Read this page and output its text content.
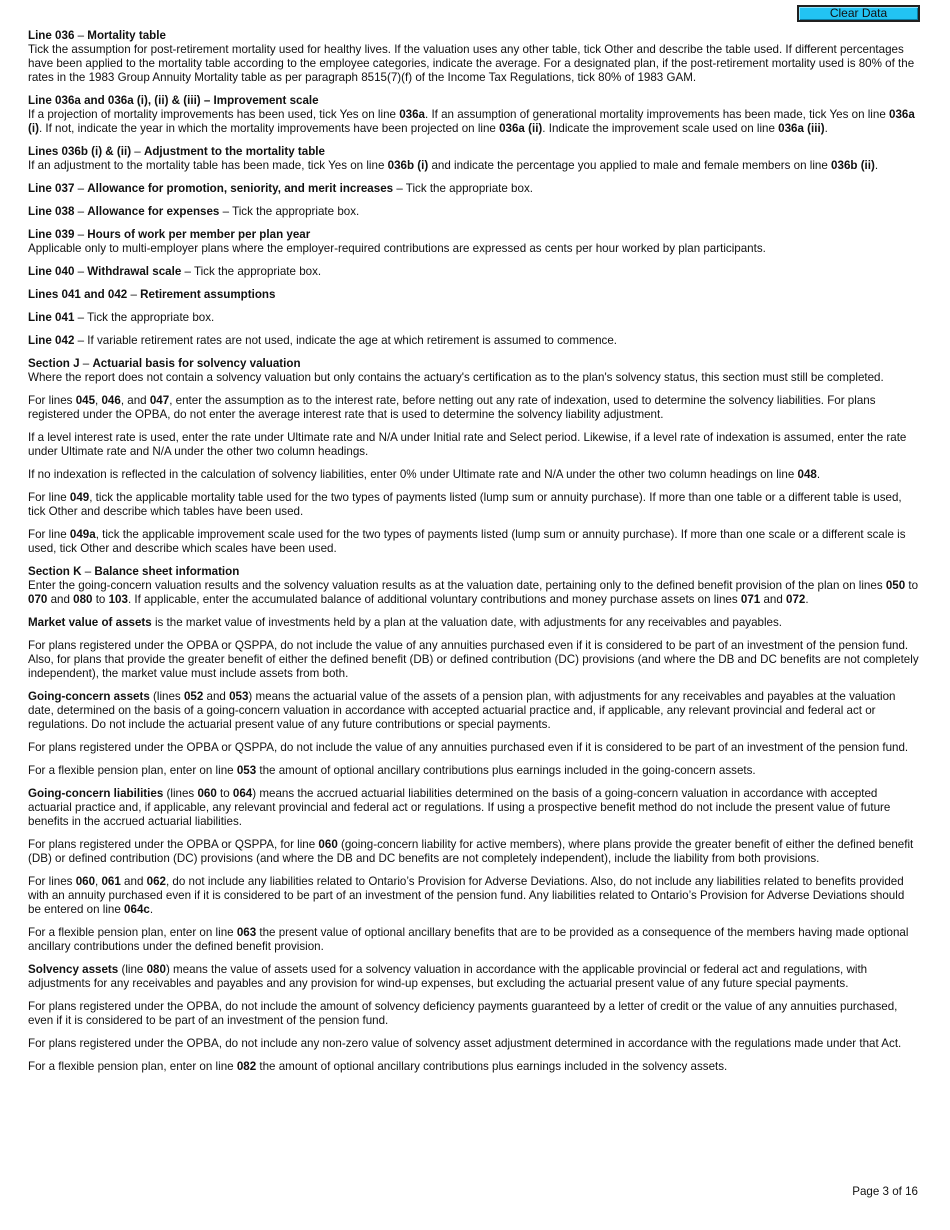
Clear Data

Line 036 – Mortality table

Tick the assumption for post-retirement mortality used for healthy lives. If the valuation uses any other table, tick Other and describe the table used. If different percentages have been applied to the mortality table according to the employee categories, indicate the average. For a designated plan, if the post-retirement mortality used is 80% of the rates in the 1983 Group Annuity Mortality table as per paragraph 8515(7)(f) of the Income Tax Regulations, tick 80% of 1983 GAM.

Line 036a and 036a (i), (ii) & (iii) – Improvement scale

If a projection of mortality improvements has been used, tick Yes on line 036a. If an assumption of generational mortality improvements has been made, tick Yes on line 036a (i). If not, indicate the year in which the mortality improvements have been projected on line 036a (ii). Indicate the improvement scale used on line 036a (iii).

Lines 036b (i) & (ii) – Adjustment to the mortality table

If an adjustment to the mortality table has been made, tick Yes on line 036b (i) and indicate the percentage you applied to male and female members on line 036b (ii).

Line 037 – Allowance for promotion, seniority, and merit increases – Tick the appropriate box.

Line 038 – Allowance for expenses – Tick the appropriate box.

Line 039 – Hours of work per member per plan year

Applicable only to multi-employer plans where the employer-required contributions are expressed as cents per hour worked by plan participants.

Line 040 – Withdrawal scale – Tick the appropriate box.

Lines 041 and 042 – Retirement assumptions

Line 041 – Tick the appropriate box.

Line 042 – If variable retirement rates are not used, indicate the age at which retirement is assumed to commence.

Section J – Actuarial basis for solvency valuation

Where the report does not contain a solvency valuation but only contains the actuary's certification as to the plan's solvency status, this section must still be completed.

For lines 045, 046, and 047, enter the assumption as to the interest rate, before netting out any rate of indexation, used to determine the solvency liabilities. For plans registered under the OPBA, do not enter the average interest rate that is used to determine the solvency liability adjustment.

If a level interest rate is used, enter the rate under Ultimate rate and N/A under Initial rate and Select period. Likewise, if a level rate of indexation is assumed, enter the rate under Ultimate rate and N/A under the other two column headings.

If no indexation is reflected in the calculation of solvency liabilities, enter 0% under Ultimate rate and N/A under the other two column headings on line 048.

For line 049, tick the applicable mortality table used for the two types of payments listed (lump sum or annuity purchase). If more than one table or a different table is used, tick Other and describe which tables have been used.

For line 049a, tick the applicable improvement scale used for the two types of payments listed (lump sum or annuity purchase). If more than one scale or a different scale is used, tick Other and describe which scales have been used.

Section K – Balance sheet information

Enter the going-concern valuation results and the solvency valuation results as at the valuation date, pertaining only to the defined benefit provision of the plan on lines 050 to 070 and 080 to 103. If applicable, enter the accumulated balance of additional voluntary contributions and money purchase assets on lines 071 and 072.

Market value of assets is the market value of investments held by a plan at the valuation date, with adjustments for any receivables and payables.

For plans registered under the OPBA or QSPPA, do not include the value of any annuities purchased even if it is considered to be part of an investment of the pension fund. Also, for plans that provide the greater benefit of either the defined benefit (DB) or defined contribution (DC) provisions (and where the DB and DC benefits are not completely independent), the market value must include assets from both.

Going-concern assets (lines 052 and 053) means the actuarial value of the assets of a pension plan, with adjustments for any receivables and payables at the valuation date, determined on the basis of a going-concern valuation in accordance with accepted actuarial practice and, if applicable, any relevant provincial and federal act or regulations. Do not include the actuarial present value of any future contributions or special payments.

For plans registered under the OPBA or QSPPA, do not include the value of any annuities purchased even if it is considered to be part of an investment of the pension fund.

For a flexible pension plan, enter on line 053 the amount of optional ancillary contributions plus earnings included in the going-concern assets.

Going-concern liabilities (lines 060 to 064) means the accrued actuarial liabilities determined on the basis of a going-concern valuation in accordance with accepted actuarial practice and, if applicable, any relevant provincial and federal act or regulations. If using a prospective benefit method do not include the present value of future benefits in the accrued actuarial liabilities.

For plans registered under the OPBA or QSPPA, for line 060 (going-concern liability for active members), where plans provide the greater benefit of either the defined benefit (DB) or defined contribution (DC) provisions (and where the DB and DC benefits are not completely independent), include the liability from both provisions.

For lines 060, 061 and 062, do not include any liabilities related to Ontario’s Provision for Adverse Deviations. Also, do not include any liabilities related to benefits provided with an annuity purchased even if it is considered to be part of an investment of the pension fund. Any liabilities related to Ontario’s Provision for Adverse Deviations should be entered on line 064c.

For a flexible pension plan, enter on line 063 the present value of optional ancillary benefits that are to be provided as a consequence of the members having made optional ancillary contributions under the defined benefit provision.

Solvency assets (line 080) means the value of assets used for a solvency valuation in accordance with the applicable provincial or federal act and regulations, with adjustments for any receivables and payables and any provision for wind-up expenses, but excluding the actuarial present value of any future special payments.

For plans registered under the OPBA, do not include the amount of solvency deficiency payments guaranteed by a letter of credit or the value of any annuities purchased, even if it is considered to be part of an investment of the pension fund.

For plans registered under the OPBA, do not include any non-zero value of solvency asset adjustment determined in accordance with the regulations made under that Act.

For a flexible pension plan, enter on line 082 the amount of optional ancillary contributions plus earnings included in the solvency assets.

Page 3 of 16
